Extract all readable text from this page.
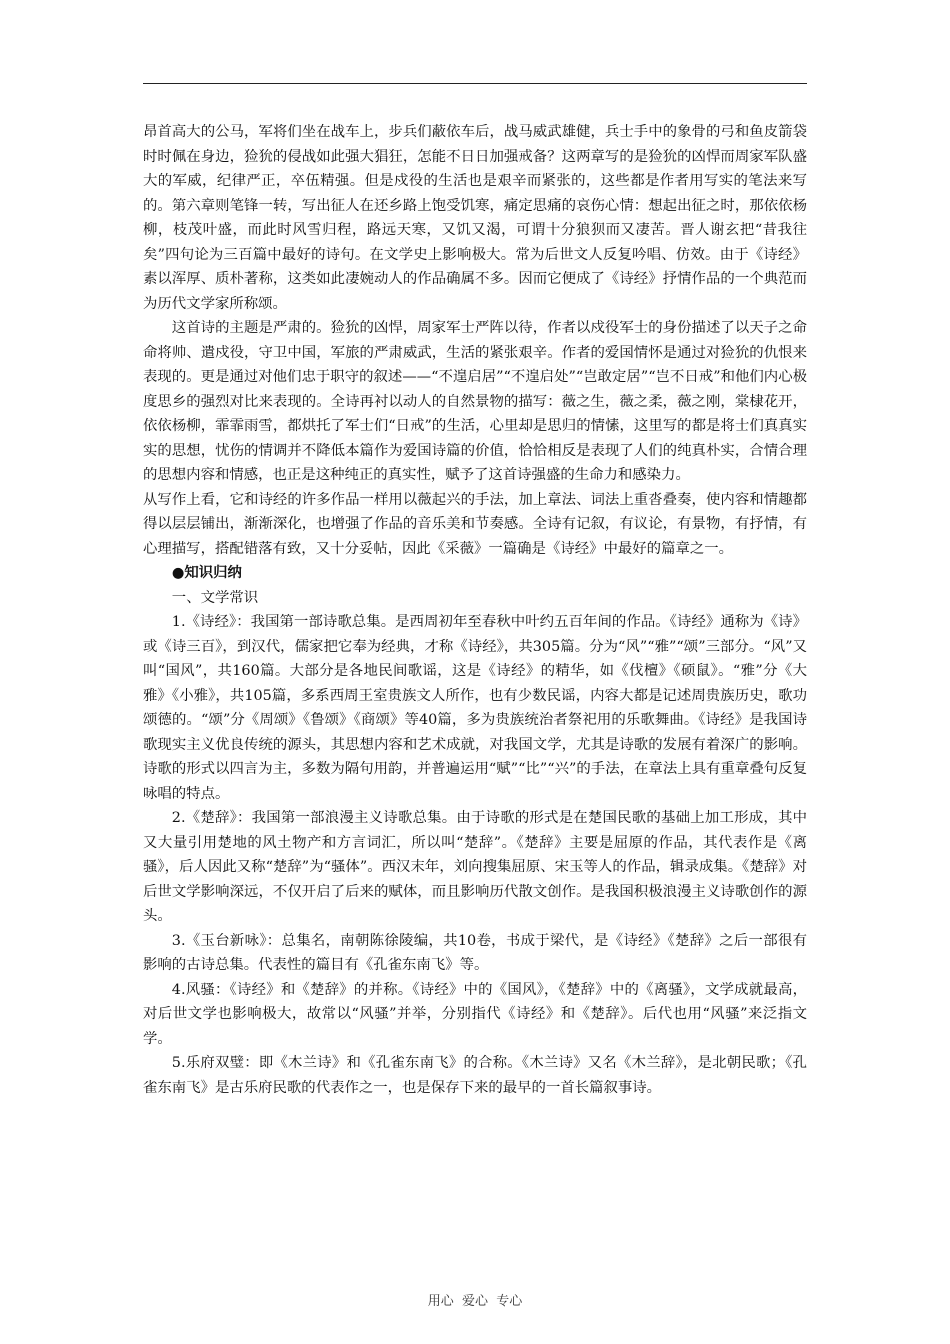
昂首高大的公马，军将们坐在战车上，步兵们蔽依车后，战马威武雄健，兵士手中的象骨的弓和鱼皮箭袋时时佩在身边，猃狁的侵战如此强大猖狂，怎能不日日加强戒备？这两章写的是猃狁的凶悍而周家军队盛大的军威，纪律严正，卒伍精强。但是戍役的生活也是艰辛而紧张的，这些都是作者用写实的笔法来写的。第六章则笔锋一转，写出征人在还乡路上饱受饥寒，痛定思痛的哀伤心情：想起出征之时，那依依杨柳，枝茂叶盛，而此时风雪归程，路远天寒，又饥又渴，可谓十分狼狈而又凄苦。晋人谢玄把“昔我往矣”四句论为三百篇中最好的诗句。在文学史上影响极大。常为后世文人反复吟唱、仿效。由于《诗经》素以浑厚、质朴著称，这类如此凄婉动人的作品确属不多。因而它便成了《诗经》抒情作品的一个典范而为历代文学家所称颂。

这首诗的主题是严肃的。猃狁的凶悍，周家军士严阵以待，作者以戍役军士的身份描述了以天子之命命将帅、遣戍役，守卫中国，军旅的严肃威武，生活的紧张艰辛。作者的爱国情怀是通过对猃狁的仇恨来表现的。更是通过对他们忠于职守的叙述——“不遑启居”“不遑启处”“岂敢定居”“岂不日戒”和他们内心极度思乡的强烈对比来表现的。全诗再衬以动人的自然景物的描写：薇之生，薇之柔，薇之刚，棠棣花开，依依杨柳，霏霏雨雪，都烘托了军士们“日戒”的生活，心里却是思归的情愫，这里写的都是将士们真真实实的思想，忧伤的情调并不降低本篇作为爱国诗篇的价值，恰恰相反是表现了人们的纯真朴实，合情合理的思想内容和情感，也正是这种纯正的真实性，赋予了这首诗强盛的生命力和感染力。

从写作上看，它和诗经的许多作品一样用以薇起兴的手法，加上章法、词法上重沓叠奏，使内容和情趣都得以层层铺出，渐渐深化，也增强了作品的音乐美和节奏感。全诗有记叙，有议论，有景物，有抒情，有心理描写，搭配错落有致，又十分妥帖，因此《采薇》一篇确是《诗经》中最好的篇章之一。

●知识归纳

一、文学常识

1.《诗经》：我国第一部诗歌总集。是西周初年至春秋中叶约五百年间的作品。《诗经》通称为《诗》或《诗三百》，到汉代，儒家把它奉为经典，才称《诗经》，共305篇。分为“风”“雅”“颂”三部分。“风”又叫“国风”，共160篇。大部分是各地民间歌谣，这是《诗经》的精华，如《伐檀》《硕鼠》。“雅”分《大雅》《小雅》，共105篇，多系西周王室贵族文人所作，也有少数民谣，内容大都是记述周贵族历史，歌功颂德的。“颂”分《周颂》《鲁颂》《商颂》等40篇，多为贵族统治者祭祀用的乐歌舞曲。《诗经》是我国诗歌现实主义优良传统的源头，其思想内容和艺术成就，对我国文学，尤其是诗歌的发展有着深广的影响。诗歌的形式以四言为主，多数为隔句用韵，并普遍运用“赋”“比”“兴”的手法，在章法上具有重章叠句反复咏唱的特点。

2.《楚辞》：我国第一部浪漫主义诗歌总集。由于诗歌的形式是在楚国民歌的基础上加工形成，其中又大量引用楚地的风土物产和方言词汇，所以叫“楚辞”。《楚辞》主要是屈原的作品，其代表作是《离骚》，后人因此又称“楚辞”为“骚体”。西汉末年，刘向搜集屈原、宋玉等人的作品，辑录成集。《楚辞》对后世文学影响深远，不仅开启了后来的赋体，而且影响历代散文创作。是我国积极浪漫主义诗歌创作的源头。

3.《玉台新咏》：总集名，南朝陈徐陵编，共10卷，书成于梁代，是《诗经》《楚辞》之后一部很有影响的古诗总集。代表性的篇目有《孔雀东南飞》等。

4.风骚：《诗经》和《楚辞》的并称。《诗经》中的《国风》，《楚辞》中的《离骚》，文学成就最高，对后世文学也影响极大，故常以“风骚”并举，分别指代《诗经》和《楚辞》。后代也用“风骚”来泛指文学。

5.乐府双璧：即《木兰诗》和《孔雀东南飞》的合称。《木兰诗》又名《木兰辞》，是北朝民歌；《孔雀东南飞》是古乐府民歌的代表作之一，也是保存下来的最早的一首长篇叙事诗。

用心  爱心  专心
